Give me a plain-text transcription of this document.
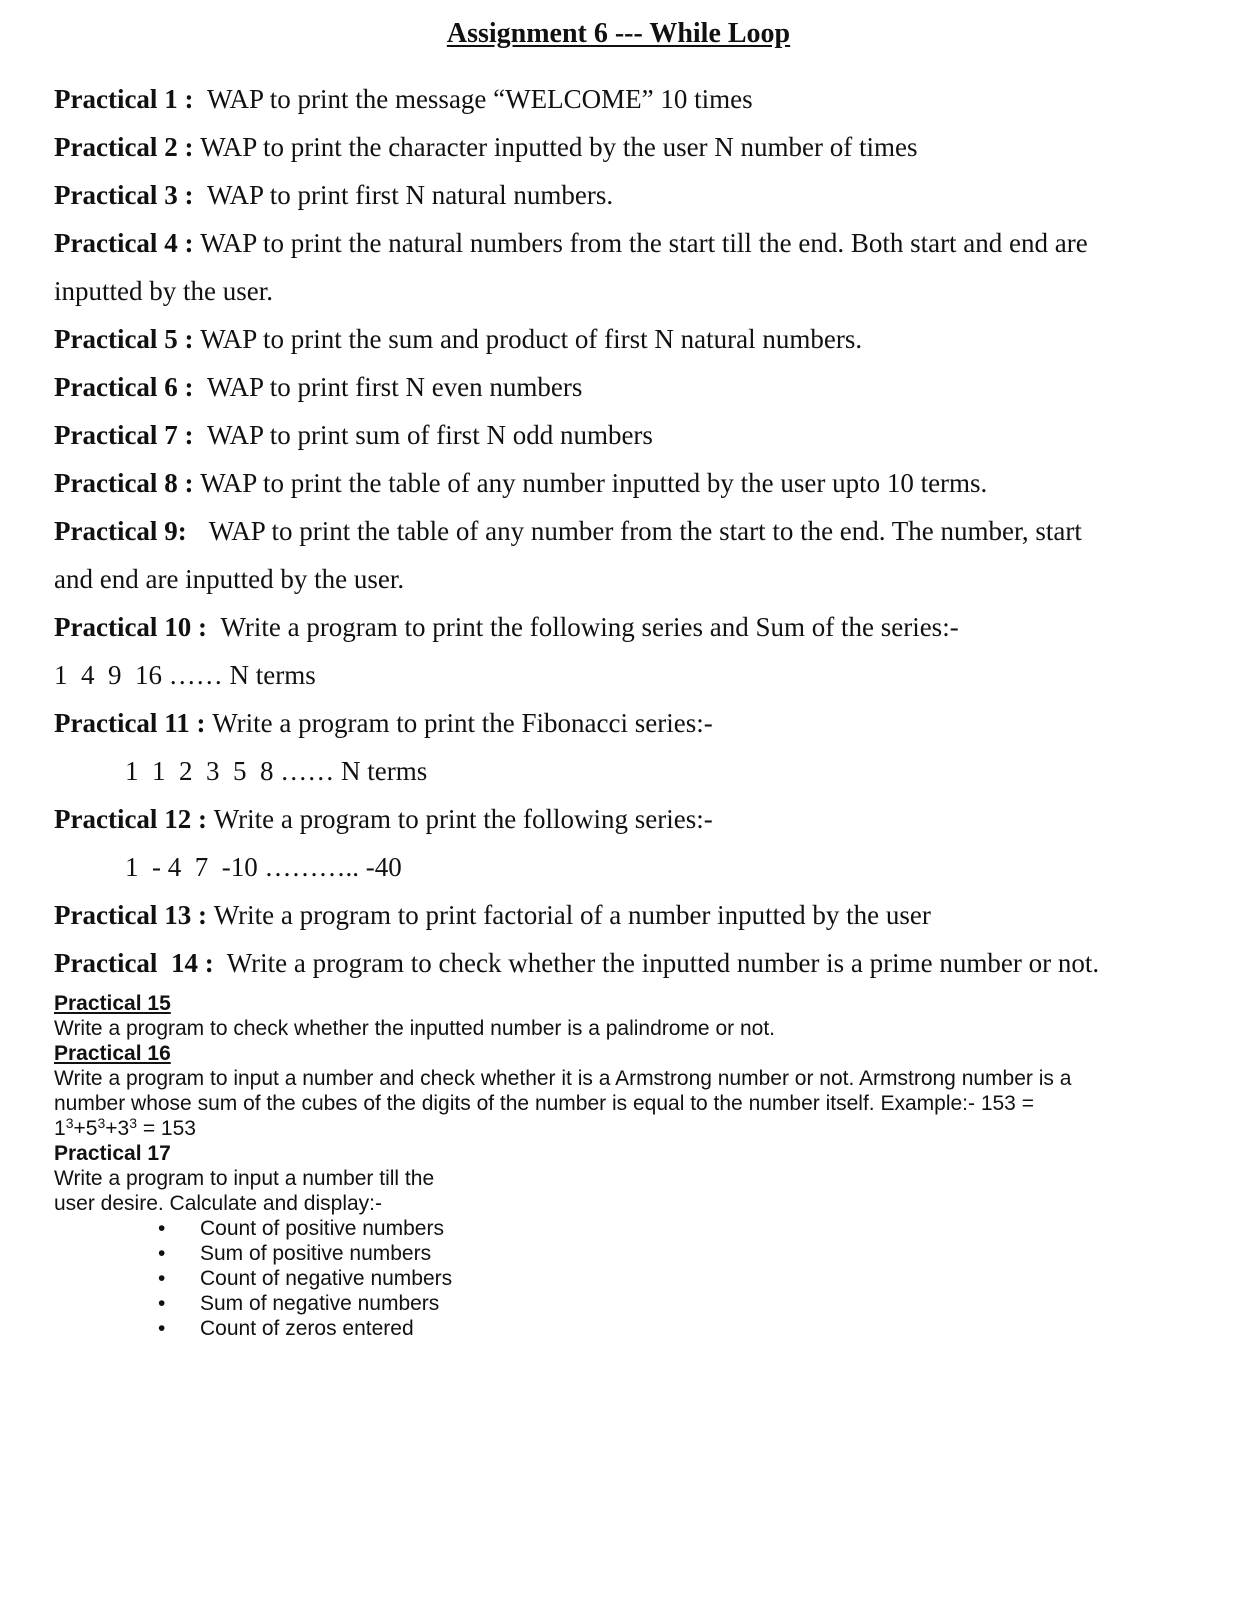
Assignment 6 --- While Loop
Practical 1 : WAP to print the message “WELCOME” 10 times
Practical 2 : WAP to print the character inputted by the user N number of times
Practical 3 : WAP to print first N natural numbers.
Practical 4 : WAP to print the natural numbers from the start till the end. Both start and end are
inputted by the user.
Practical 5 : WAP to print the sum and product of first N natural numbers.
Practical 6 : WAP to print first N even numbers
Practical 7 : WAP to print sum of first N odd numbers
Practical 8 : WAP to print the table of any number inputted by the user upto 10 terms.
Practical 9: WAP to print the table of any number from the start to the end. The number, start
and end are inputted by the user.
Practical 10 : Write a program to print the following series and Sum of the series:-
1  4  9  16 …… N terms
Practical 11 : Write a program to print the Fibonacci series:-
1  1  2  3  5  8 …… N terms
Practical 12 : Write a program to print the following series:-
1  - 4  7  -10 ……….. -40
Practical 13 : Write a program to print factorial of a number inputted by the user
Practical  14 : Write a program to check whether the inputted number is a prime number or not.
Practical 15
Write a program to check whether the inputted number is a palindrome or not.
Practical 16
Write a program to input a number and check whether it is a Armstrong number or not. Armstrong number is a
number whose sum of the cubes of the digits of the number is equal to the number itself. Example:- 153 =
$1^3+5^3+3^3 = 153$
Practical 17
Write a program to input a number till the
user desire. Calculate and display:-
• Count of positive numbers
• Sum of positive numbers
• Count of negative numbers
• Sum of negative numbers
• Count of zeros entered
